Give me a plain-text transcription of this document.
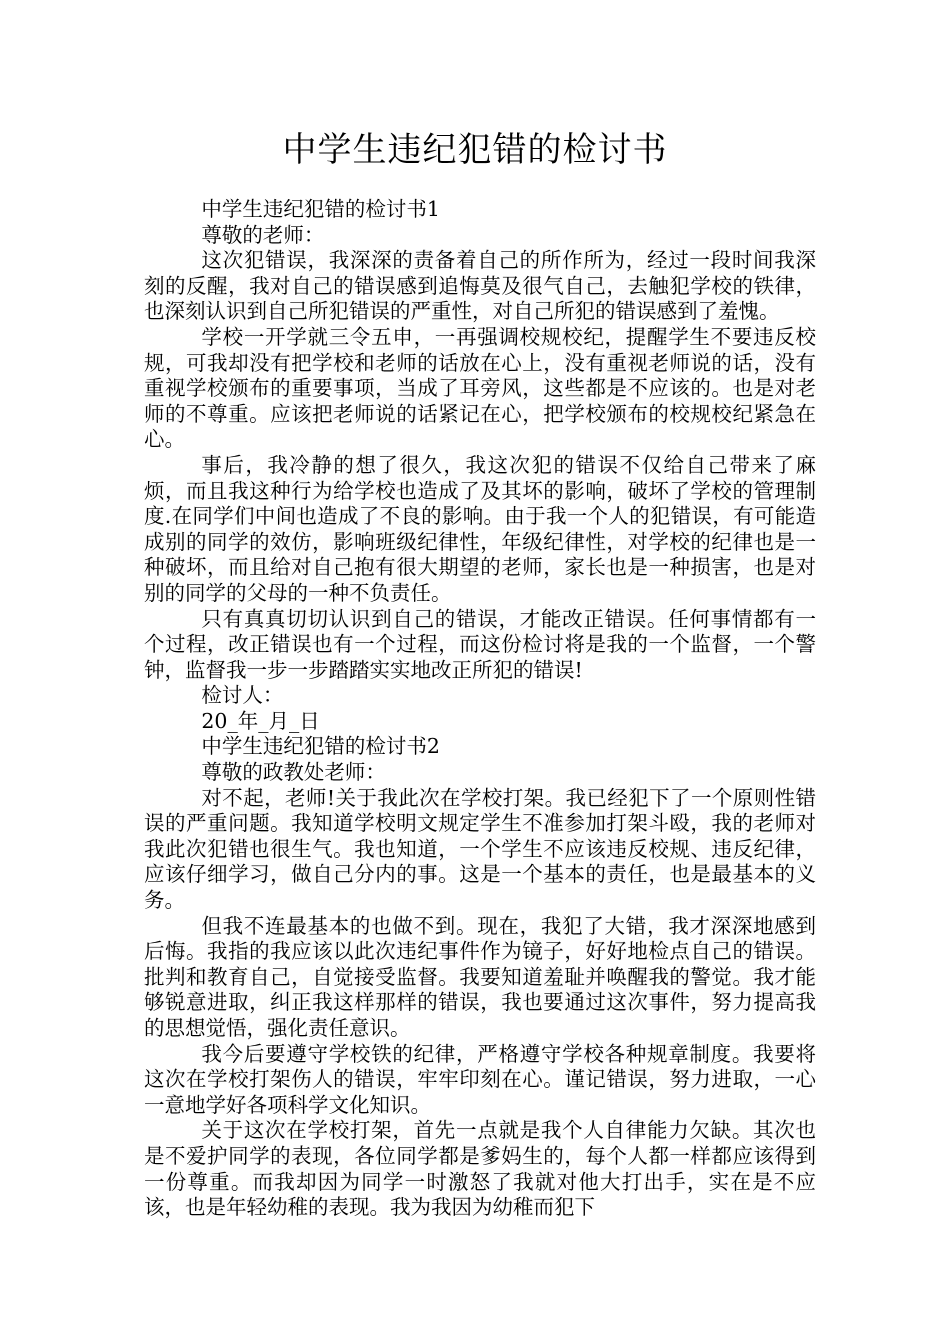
中学生违纪犯错的检讨书

中学生违纪犯错的检讨书1

尊敬的老师：

这次犯错误，我深深的责备着自己的所作所为，经过一段时间我深刻的反醒，我对自己的错误感到追悔莫及很气自己，去触犯学校的铁律，也深刻认识到自己所犯错误的严重性，对自己所犯的错误感到了羞愧。

学校一开学就三令五申，一再强调校规校纪，提醒学生不要违反校规，可我却没有把学校和老师的话放在心上，没有重视老师说的话，没有重视学校颁布的重要事项，当成了耳旁风，这些都是不应该的。也是对老师的不尊重。应该把老师说的话紧记在心，把学校颁布的校规校纪紧急在心。

事后，我冷静的想了很久，我这次犯的错误不仅给自己带来了麻烦，而且我这种行为给学校也造成了及其坏的影响，破坏了学校的管理制度.在同学们中间也造成了不良的影响。由于我一个人的犯错误，有可能造成别的同学的效仿，影响班级纪律性，年级纪律性，对学校的纪律也是一种破坏，而且给对自己抱有很大期望的老师，家长也是一种损害，也是对别的同学的父母的一种不负责任。

只有真真切切认识到自己的错误，才能改正错误。任何事情都有一个过程，改正错误也有一个过程，而这份检讨将是我的一个监督，一个警钟，监督我一步一步踏踏实实地改正所犯的错误!

检讨人：

20_年_月_日

中学生违纪犯错的检讨书2

尊敬的政教处老师：

对不起，老师!关于我此次在学校打架。我已经犯下了一个原则性错误的严重问题。我知道学校明文规定学生不准参加打架斗殴，我的老师对我此次犯错也很生气。我也知道，一个学生不应该违反校规、违反纪律，应该仔细学习，做自己分内的事。这是一个基本的责任，也是最基本的义务。

但我不连最基本的也做不到。现在，我犯了大错，我才深深地感到后悔。我指的我应该以此次违纪事件作为镜子，好好地检点自己的错误。批判和教育自己，自觉接受监督。我要知道羞耻并唤醒我的警觉。我才能够锐意进取，纠正我这样那样的错误，我也要通过这次事件，努力提高我的思想觉悟，强化责任意识。

我今后要遵守学校铁的纪律，严格遵守学校各种规章制度。我要将这次在学校打架伤人的错误，牢牢印刻在心。谨记错误，努力进取，一心一意地学好各项科学文化知识。

关于这次在学校打架，首先一点就是我个人自律能力欠缺。其次也是不爱护同学的表现，各位同学都是爹妈生的，每个人都一样都应该得到一份尊重。而我却因为同学一时激怒了我就对他大打出手，实在是不应该，也是年轻幼稚的表现。我为我因为幼稚而犯下
